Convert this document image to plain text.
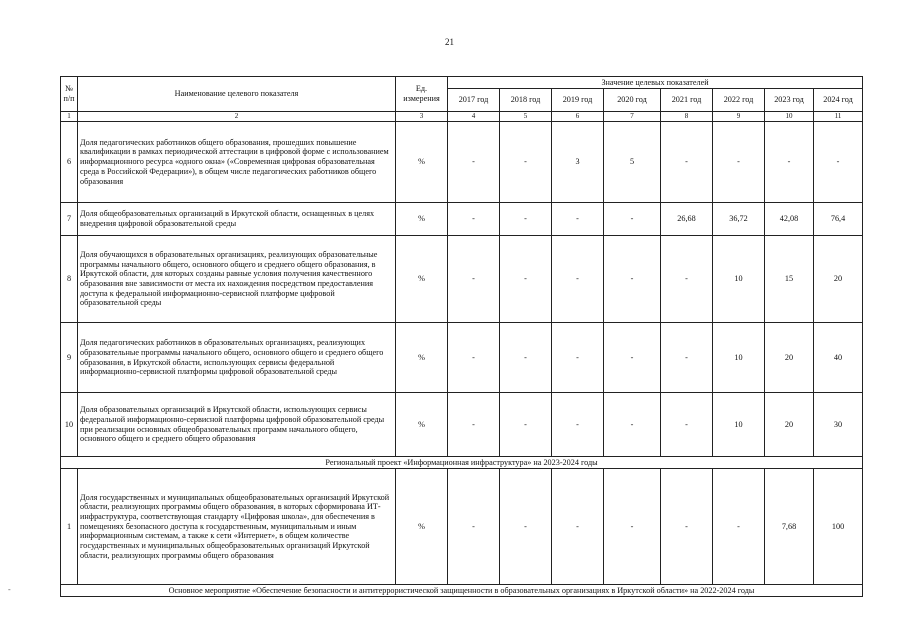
21
-
№ п/п	Наименование целевого показателя	Ед. измерения	Значение целевых показателей							
			2017 год	2018 год	2019 год	2020 год	2021 год	2022 год	2023 год	2024 год
1	2	3	4	5	6	7	8	9	10	11
6	Доля педагогических работников общего образования, прошедших повышение квалификации в рамках периодической аттестации в цифровой форме с использованием информационного ресурса «одного окна» («Современная цифровая образовательная среда в Российской Федерации»), в общем числе педагогических работников общего образования	%	-	-	3	5	-	-	-	-
7	Доля общеобразовательных организаций в Иркутской области, оснащенных в целях внедрения цифровой образовательной среды	%	-	-	-	-	26,68	36,72	42,08	76,4
8	Доля обучающихся в образовательных организациях, реализующих образовательные программы начального общего, основного общего и среднего общего образования, в Иркутской области, для которых созданы равные условия получения качественного образования вне зависимости от места их нахождения посредством предоставления доступа к федеральной информационно-сервисной платформе цифровой образовательной среды	%	-	-	-	-	-	10	15	20
9	Доля педагогических работников в образовательных организациях, реализующих образовательные программы начального общего, основного общего и среднего общего образования, в Иркутской области, использующих сервисы федеральной информационно-сервисной платформы цифровой образовательной среды	%	-	-	-	-	-	10	20	40
10	Доля образовательных организаций в Иркутской области, использующих сервисы федеральной информационно-сервисной платформы цифровой образовательной среды при реализации основных общеобразовательных программ начального общего, основного общего и среднего общего образования	%	-	-	-	-	-	10	20	30
Региональный проект «Информационная инфраструктура» на 2023-2024 годы										
1	Доля государственных и муниципальных общеобразовательных организаций Иркутской области, реализующих программы общего образования, в которых сформирована ИТ-инфраструктура, соответствующая стандарту «Цифровая школа», для обеспечения в помещениях безопасного доступа к государственным, муниципальным и иным информационным системам, а также к сети «Интернет», в общем количестве государственных и муниципальных общеобразовательных организаций Иркутской области, реализующих программы общего образования	%	-	-	-	-	-	-	7,68	100
Основное мероприятие «Обеспечение безопасности и антитеррористической защищенности в образовательных организациях в Иркутской области» на 2022-2024 годы										
